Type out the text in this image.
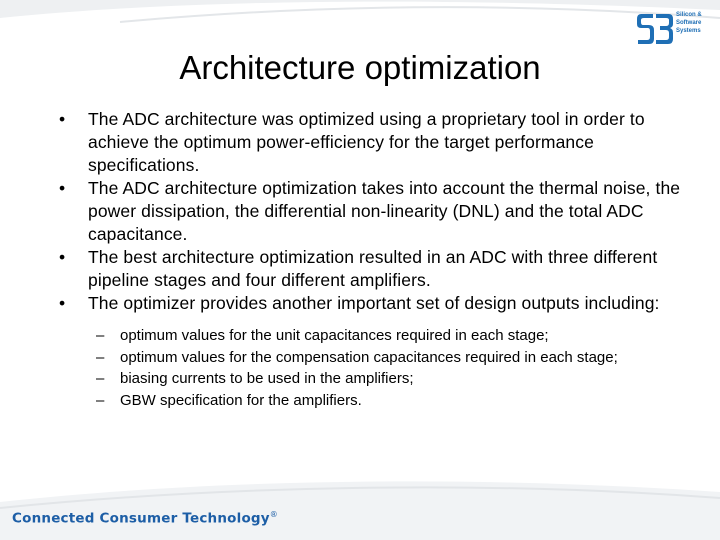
Silicon &
Software
Systems
Architecture optimization
• The ADC architecture was optimized using a proprietary tool in order to achieve the optimum power-efficiency for the target performance specifications.
• The ADC architecture optimization takes into account the thermal noise, the power dissipation, the differential non-linearity (DNL) and the total ADC capacitance.
• The best architecture optimization resulted in an ADC with three different pipeline stages and four different amplifiers.
• The optimizer provides another important set of design outputs including:
– optimum values for the unit capacitances required in each stage;
– optimum values for the compensation capacitances required in each stage;
– biasing currents to be used in the amplifiers;
– GBW specification for the amplifiers.
Connected Consumer Technology®
